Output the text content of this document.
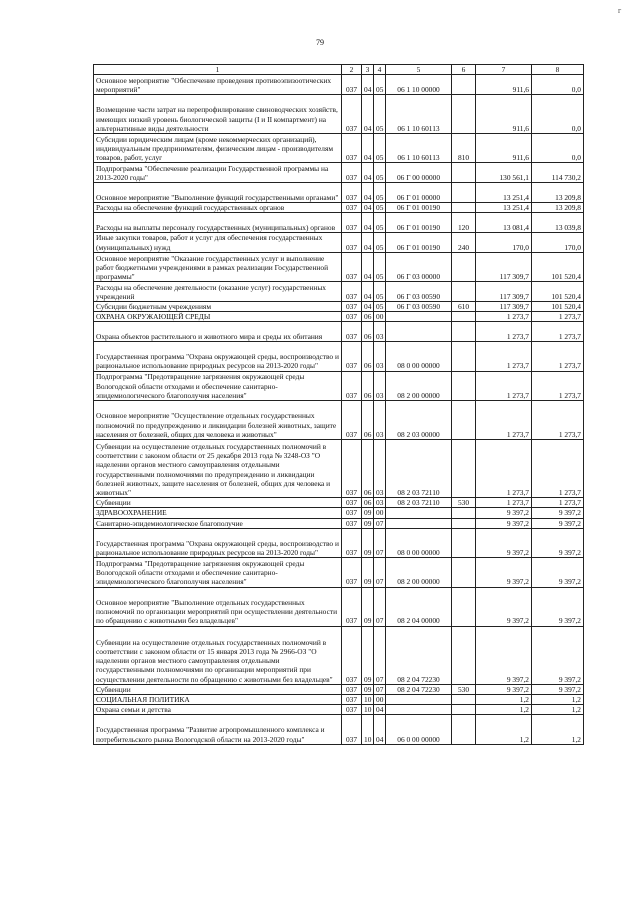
г
79
1	2	3	4	5	6	7	8
Основное мероприятие "Обеспечение проведения противоэпизоотических мероприятий"	037	04	05	06 1 10 00000		911,6	0,0
Возмещение части затрат на перепрофилирование свиноводческих хозяйств, имеющих низкий уровень биологической защиты (I и II компартмент) на альтернативные виды деятельности	037	04	05	06 1 10 60113		911,6	0,0
Субсидии юридическим лицам (кроме некоммерческих организаций), индивидуальным предпринимателям, физическим лицам - производителям товаров, работ, услуг	037	04	05	06 1 10 60113	810	911,6	0,0
Подпрограмма "Обеспечение реализации Государственной программы на 2013-2020 годы"	037	04	05	06 Г 00 00000		130 561,1	114 730,2
Основное мероприятие "Выполнение функций государственными органами"	037	04	05	06 Г 01 00000		13 251,4	13 209,8
Расходы на обеспечение функций государственных органов	037	04	05	06 Г 01 00190		13 251,4	13 209,8
Расходы на выплаты персоналу государственных (муниципальных) органов	037	04	05	06 Г 01 00190	120	13 081,4	13 039,8
Иные закупки товаров, работ и услуг для обеспечения государственных (муниципальных) нужд	037	04	05	06 Г 01 00190	240	170,0	170,0
Основное мероприятие "Оказание государственных услуг и выполнение работ бюджетными учреждениями в рамках реализации Государственной программы"	037	04	05	06 Г 03 00000		117 309,7	101 520,4
Расходы на обеспечение деятельности (оказание услуг) государственных учреждений	037	04	05	06 Г 03 00590		117 309,7	101 520,4
Субсидии бюджетным учреждениям	037	04	05	06 Г 03 00590	610	117 309,7	101 520,4
ОХРАНА ОКРУЖАЮЩЕЙ СРЕДЫ	037	06	00			1 273,7	1 273,7
Охрана объектов растительного и животного мира и среды их обитания	037	06	03			1 273,7	1 273,7
Государственная программа "Охрана окружающей среды, воспроизводство и рациональное использование природных ресурсов на 2013-2020 годы"	037	06	03	08 0 00 00000		1 273,7	1 273,7
Подпрограмма "Предотвращение загрязнения окружающей среды Вологодской области отходами и обеспечение санитарно-эпидемиологического благополучия населения"	037	06	03	08 2 00 00000		1 273,7	1 273,7
Основное мероприятие "Осуществление отдельных государственных полномочий по предупреждению и ликвидации болезней животных, защите населения от болезней, общих для человека и животных"	037	06	03	08 2 03 00000		1 273,7	1 273,7
Субвенции на осуществление отдельных государственных полномочий в соответствии с законом области от 25 декабря 2013 года № 3248-ОЗ "О наделении органов местного самоуправления отдельными государственными полномочиями по предупреждению и ликвидации болезней животных, защите населения от болезней, общих для человека и животных"	037	06	03	08 2 03 72110		1 273,7	1 273,7
Субвенции	037	06	03	08 2 03 72110	530	1 273,7	1 273,7
ЗДРАВООХРАНЕНИЕ	037	09	00			9 397,2	9 397,2
Санитарно-эпидемиологическое благополучие	037	09	07			9 397,2	9 397,2
Государственная программа "Охрана окружающей среды, воспроизводство и рациональное использование природных ресурсов на 2013-2020 годы"	037	09	07	08 0 00 00000		9 397,2	9 397,2
Подпрограмма "Предотвращение загрязнения окружающей среды Вологодской области отходами и обеспечение санитарно-эпидемиологического благополучия населения"	037	09	07	08 2 00 00000		9 397,2	9 397,2
Основное мероприятие "Выполнение отдельных государственных полномочий по организации мероприятий при осуществлении деятельности по обращению с животными без владельцев"	037	09	07	08 2 04 00000		9 397,2	9 397,2
Субвенции на осуществление отдельных государственных полномочий в соответствии с законом области от 15 января 2013 года № 2966-ОЗ "О наделении органов местного самоуправления отдельными государственными полномочиями по организации мероприятий при осуществлении деятельности по обращению с животными без владельцев"	037	09	07	08 2 04 72230		9 397,2	9 397,2
Субвенции	037	09	07	08 2 04 72230	530	9 397,2	9 397,2
СОЦИАЛЬНАЯ ПОЛИТИКА	037	10	00			1,2	1,2
Охрана семьи и детства	037	10	04			1,2	1,2
Государственная программа "Развитие агропромышленного комплекса и потребительского рынка Вологодской области на 2013-2020 годы"	037	10	04	06 0 00 00000		1,2	1,2
